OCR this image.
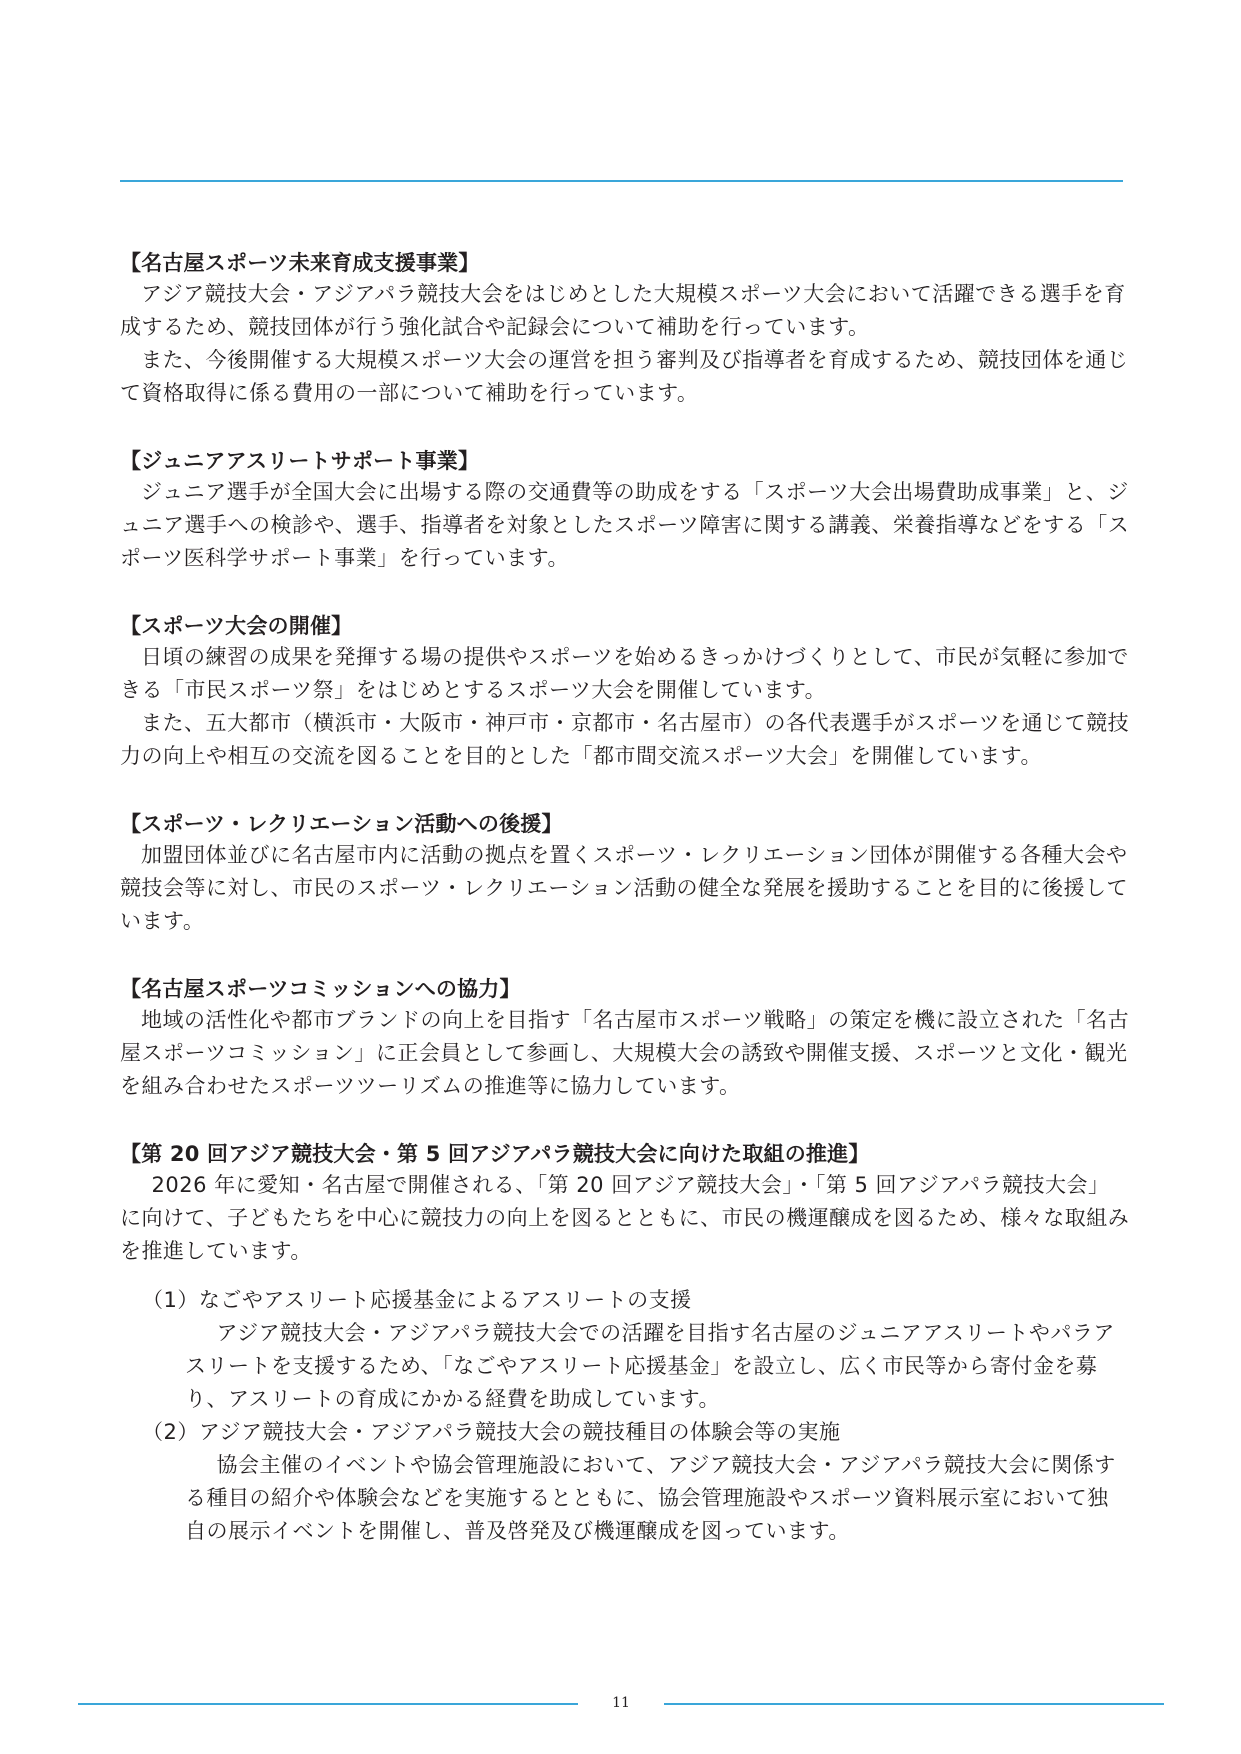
【名古屋スポーツ未来育成支援事業】

アジア競技大会・アジアパラ競技大会をはじめとした大規模スポーツ大会において活躍できる選手を育成するため、競技団体が行う強化試合や記録会について補助を行っています。

また、今後開催する大規模スポーツ大会の運営を担う審判及び指導者を育成するため、競技団体を通じて資格取得に係る費用の一部について補助を行っています。

【ジュニアアスリートサポート事業】

ジュニア選手が全国大会に出場する際の交通費等の助成をする「スポーツ大会出場費助成事業」と、ジュニア選手への検診や、選手、指導者を対象としたスポーツ障害に関する講義、栄養指導などをする「スポーツ医科学サポート事業」を行っています。

【スポーツ大会の開催】

日頃の練習の成果を発揮する場の提供やスポーツを始めるきっかけづくりとして、市民が気軽に参加できる「市民スポーツ祭」をはじめとするスポーツ大会を開催しています。

また、五大都市（横浜市・大阪市・神戸市・京都市・名古屋市）の各代表選手がスポーツを通じて競技力の向上や相互の交流を図ることを目的とした「都市間交流スポーツ大会」を開催しています。

【スポーツ・レクリエーション活動への後援】

加盟団体並びに名古屋市内に活動の拠点を置くスポーツ・レクリエーション団体が開催する各種大会や競技会等に対し、市民のスポーツ・レクリエーション活動の健全な発展を援助することを目的に後援しています。

【名古屋スポーツコミッションへの協力】

地域の活性化や都市ブランドの向上を目指す「名古屋市スポーツ戦略」の策定を機に設立された「名古屋スポーツコミッション」に正会員として参画し、大規模大会の誘致や開催支援、スポーツと文化・観光を組み合わせたスポーツツーリズムの推進等に協力しています。

【第 20 回アジア競技大会・第 5 回アジアパラ競技大会に向けた取組の推進】

2026 年に愛知・名古屋で開催される、「第 20 回アジア競技大会」・「第 5 回アジアパラ競技大会」に向けて、子どもたちを中心に競技力の向上を図るとともに、市民の機運醸成を図るため、様々な取組みを推進しています。

（1）なごやアスリート応援基金によるアスリートの支援

アジア競技大会・アジアパラ競技大会での活躍を目指す名古屋のジュニアアスリートやパラアスリートを支援するため、「なごやアスリート応援基金」を設立し、広く市民等から寄付金を募り、アスリートの育成にかかる経費を助成しています。

（2）アジア競技大会・アジアパラ競技大会の競技種目の体験会等の実施

協会主催のイベントや協会管理施設において、アジア競技大会・アジアパラ競技大会に関係する種目の紹介や体験会などを実施するとともに、協会管理施設やスポーツ資料展示室において独自の展示イベントを開催し、普及啓発及び機運醸成を図っています。

11
